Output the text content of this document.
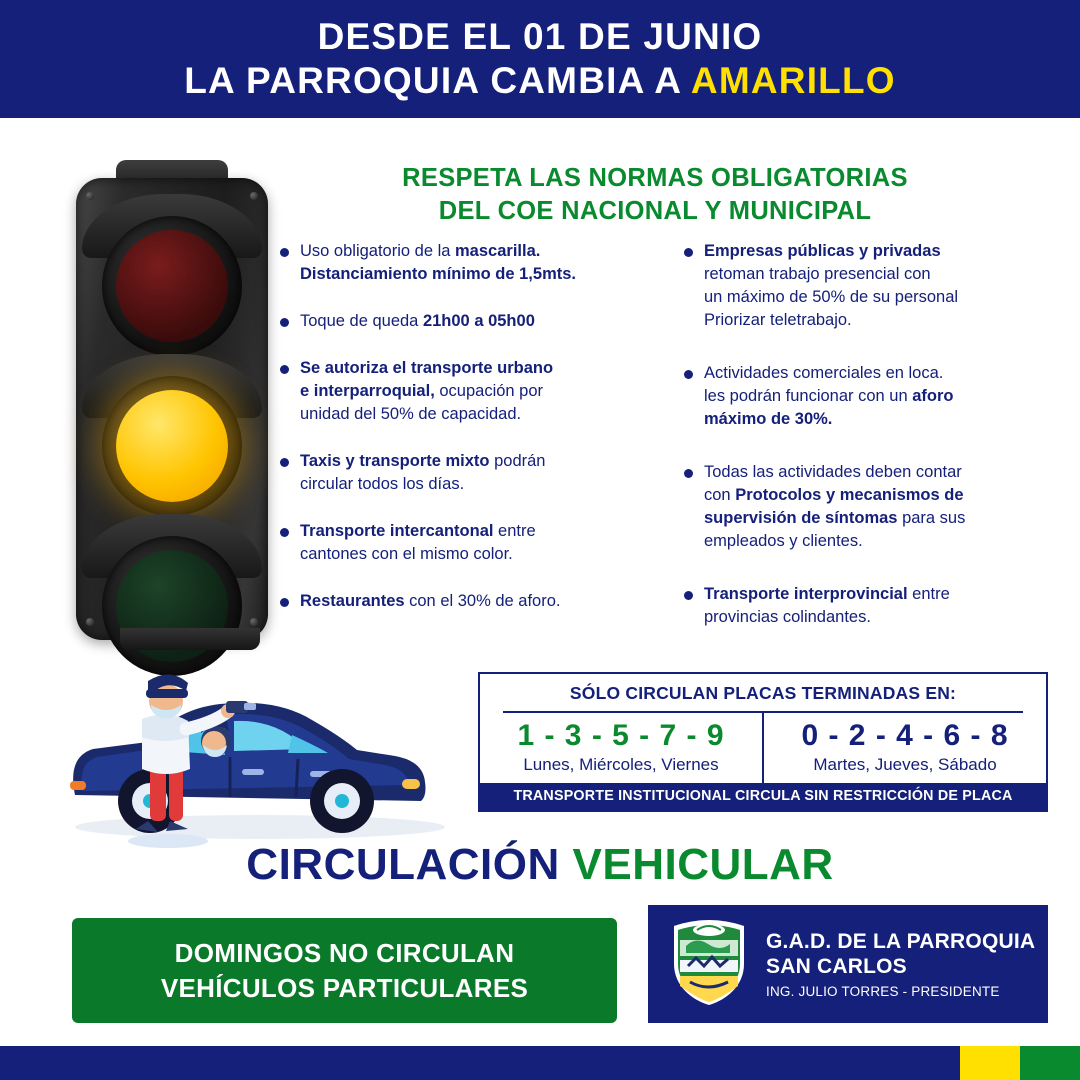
DESDE EL 01 DE JUNIO
LA PARROQUIA CAMBIA A AMARILLO
RESPETA LAS NORMAS OBLIGATORIAS
DEL COE NACIONAL Y MUNICIPAL
Uso obligatorio de la mascarilla.
Distanciamiento mínimo de 1,5mts.
Toque de queda 21h00 a 05h00
Se autoriza el transporte urbano
e interparroquial, ocupación por
unidad del 50% de capacidad.
Taxis y transporte mixto podrán
circular todos los días.
Transporte intercantonal entre
cantones con el mismo color.
Restaurantes con el 30% de aforo.
Empresas públicas y privadas
retoman trabajo presencial con
un máximo de 50% de su personal
Priorizar teletrabajo.
Actividades comerciales en loca.
les podrán funcionar con un aforo
máximo de 30%.
Todas las actividades deben contar
con Protocolos y mecanismos de
supervisión de síntomas para sus
empleados y clientes.
Transporte interprovincial entre
provincias colindantes.
SÓLO CIRCULAN PLACAS TERMINADAS EN:
1 - 3 - 5 - 7 - 9
Lunes, Miércoles, Viernes
0 - 2 - 4 - 6 - 8
Martes, Jueves, Sábado
TRANSPORTE INSTITUCIONAL CIRCULA SIN RESTRICCIÓN DE PLACA
CIRCULACIÓN VEHICULAR
DOMINGOS NO CIRCULAN
VEHÍCULOS PARTICULARES
G.A.D. DE LA PARROQUIA
SAN CARLOS
ING. JULIO TORRES - PRESIDENTE
